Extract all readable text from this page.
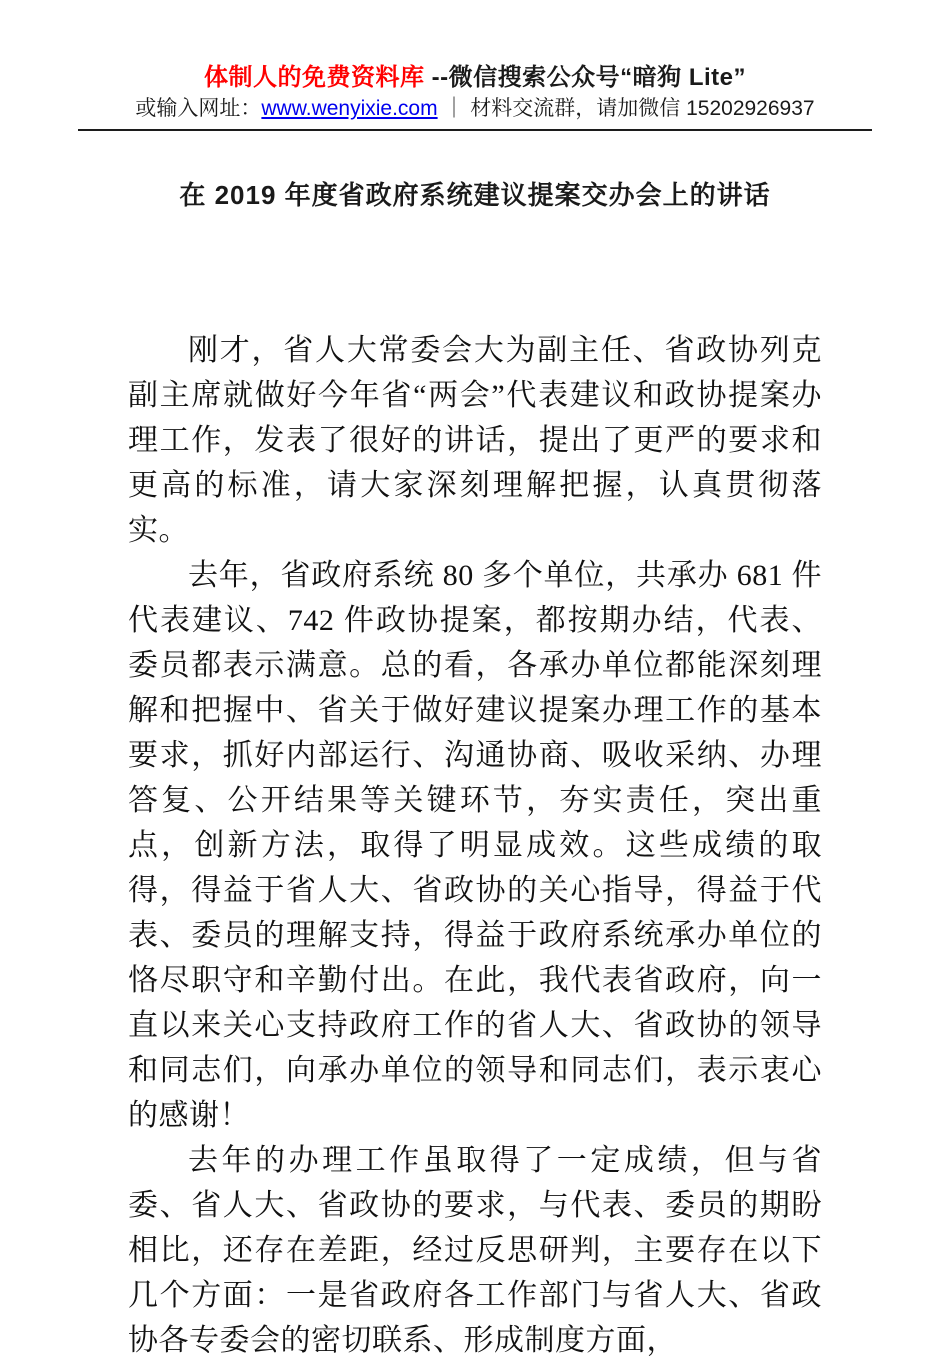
体制人的免费资料库 --微信搜索公众号“暗狗 Lite”
或输入网址：www.wenyixie.com ｜ 材料交流群，请加微信 15202926937
在 2019 年度省政府系统建议提案交办会上的讲话

刚才，省人大常委会大为副主任、省政协列克副主席就做好今年省“两会”代表建议和政协提案办理工作，发表了很好的讲话，提出了更严的要求和更高的标准，请大家深刻理解把握，认真贯彻落实。

去年，省政府系统 80 多个单位，共承办 681 件代表建议、742 件政协提案，都按期办结，代表、委员都表示满意。总的看，各承办单位都能深刻理解和把握中、省关于做好建议提案办理工作的基本要求，抓好内部运行、沟通协商、吸收采纳、办理答复、公开结果等关键环节，夯实责任，突出重点，创新方法，取得了明显成效。这些成绩的取得，得益于省人大、省政协的关心指导，得益于代表、委员的理解支持，得益于政府系统承办单位的恪尽职守和辛勤付出。在此，我代表省政府，向一直以来关心支持政府工作的省人大、省政协的领导和同志们，向承办单位的领导和同志们，表示衷心的感谢！

去年的办理工作虽取得了一定成绩，但与省委、省人大、省政协的要求，与代表、委员的期盼相比，还存在差距，经过反思研判，主要存在以下几个方面：一是省政府各工作部门与省人大、省政协各专委会的密切联系、形成制度方面，
